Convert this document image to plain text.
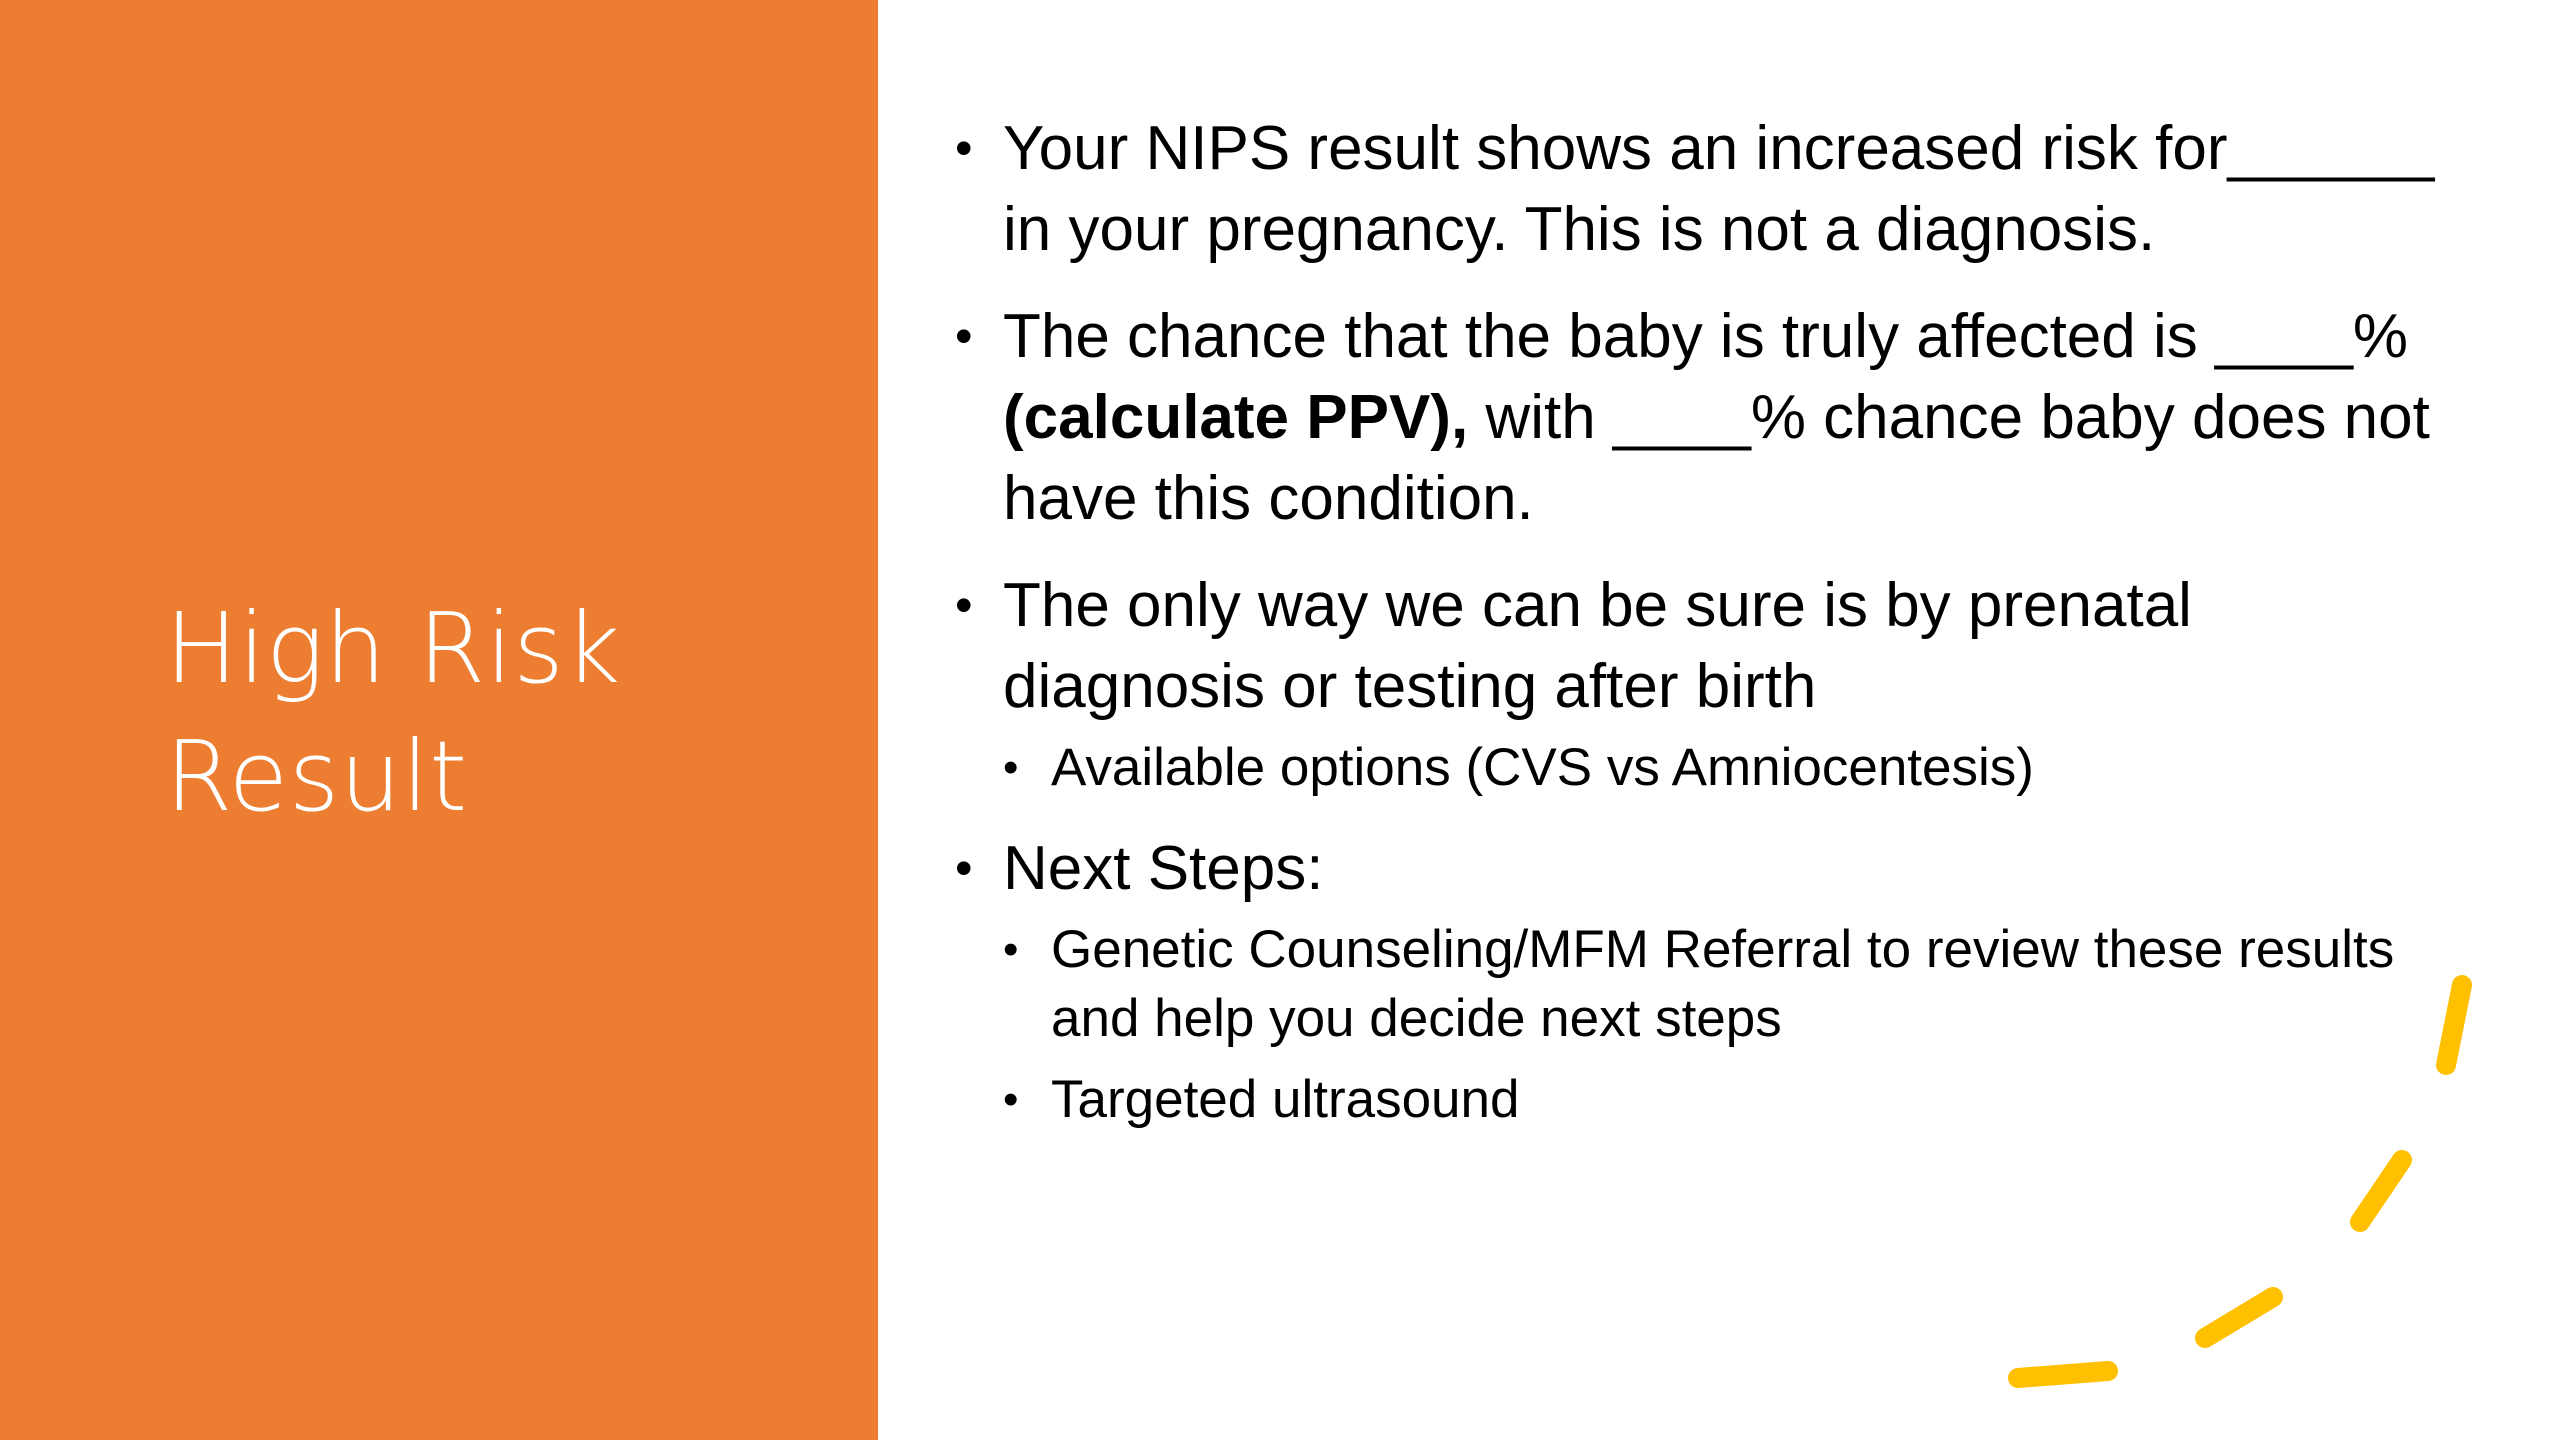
High Risk
Result
• Your NIPS result shows an increased risk for______ in your pregnancy. This is not a diagnosis.
• The chance that the baby is truly affected is ____% (calculate PPV), with ____% chance baby does not have this condition.
• The only way we can be sure is by prenatal diagnosis or testing after birth
• Available options (CVS vs Amniocentesis)
• Next Steps:
• Genetic Counseling/MFM Referral to review these results and help you decide next steps
• Targeted ultrasound
